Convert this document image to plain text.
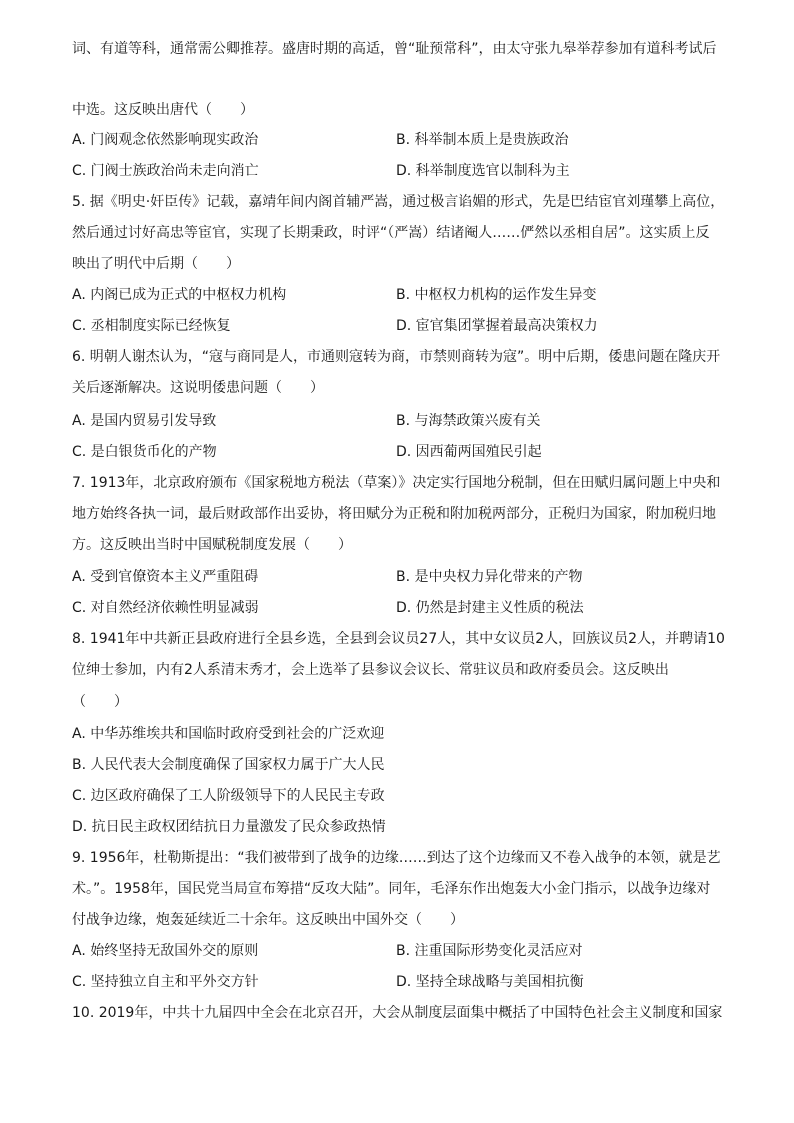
词、有道等科，通常需公卿推荐。盛唐时期的高适，曾“耻预常科”，由太守张九皋举荐参加有道科考试后
中选。这反映出唐代（　　）
A. 门阀观念依然影响现实政治	B. 科举制本质上是贵族政治
C. 门阀士族政治尚未走向消亡	D. 科举制度选官以制科为主
5. 据《明史·奸臣传》记载，嘉靖年间内阁首辅严嵩，通过极言谄媚的形式，先是巴结宦官刘瑾攀上高位，
然后通过讨好高忠等宦官，实现了长期秉政，时评“（严嵩）结诸阉人……俨然以丞相自居”。这实质上反
映出了明代中后期（　　）
A. 内阁已成为正式的中枢权力机构	B. 中枢权力机构的运作发生异变
C. 丞相制度实际已经恢复	D. 宦官集团掌握着最高决策权力
6. 明朝人谢杰认为，“寇与商同是人，市通则寇转为商，市禁则商转为寇”。明中后期，倭患问题在隆庆开
关后逐渐解决。这说明倭患问题（　　）
A. 是国内贸易引发导致	B. 与海禁政策兴废有关
C. 是白银货币化的产物	D. 因西葡两国殖民引起
7. 1913年，北京政府颁布《国家税地方税法（草案）》决定实行国地分税制，但在田赋归属问题上中央和
地方始终各执一词，最后财政部作出妥协，将田赋分为正税和附加税两部分，正税归为国家，附加税归地
方。这反映出当时中国赋税制度发展（　　）
A. 受到官僚资本主义严重阻碍	B. 是中央权力异化带来的产物
C. 对自然经济依赖性明显减弱	D. 仍然是封建主义性质的税法
8. 1941年中共新正县政府进行全县乡选，全县到会议员27人，其中女议员2人，回族议员2人，并聘请10
位绅士参加，内有2人系清末秀才，会上选举了县参议会议长、常驻议员和政府委员会。这反映出
（　　）
A. 中华苏维埃共和国临时政府受到社会的广泛欢迎
B. 人民代表大会制度确保了国家权力属于广大人民
C. 边区政府确保了工人阶级领导下的人民民主专政
D. 抗日民主政权团结抗日力量激发了民众参政热情
9. 1956年，杜勒斯提出：“我们被带到了战争的边缘……到达了这个边缘而又不卷入战争的本领，就是艺
术。”。1958年，国民党当局宣布筹措“反攻大陆”。同年，毛泽东作出炮轰大小金门指示，以战争边缘对
付战争边缘，炮轰延续近二十余年。这反映出中国外交（　　）
A. 始终坚持无敌国外交的原则	B. 注重国际形势变化灵活应对
C. 坚持独立自主和平外交方针	D. 坚持全球战略与美国相抗衡
10. 2019年，中共十九届四中全会在北京召开，大会从制度层面集中概括了中国特色社会主义制度和国家
